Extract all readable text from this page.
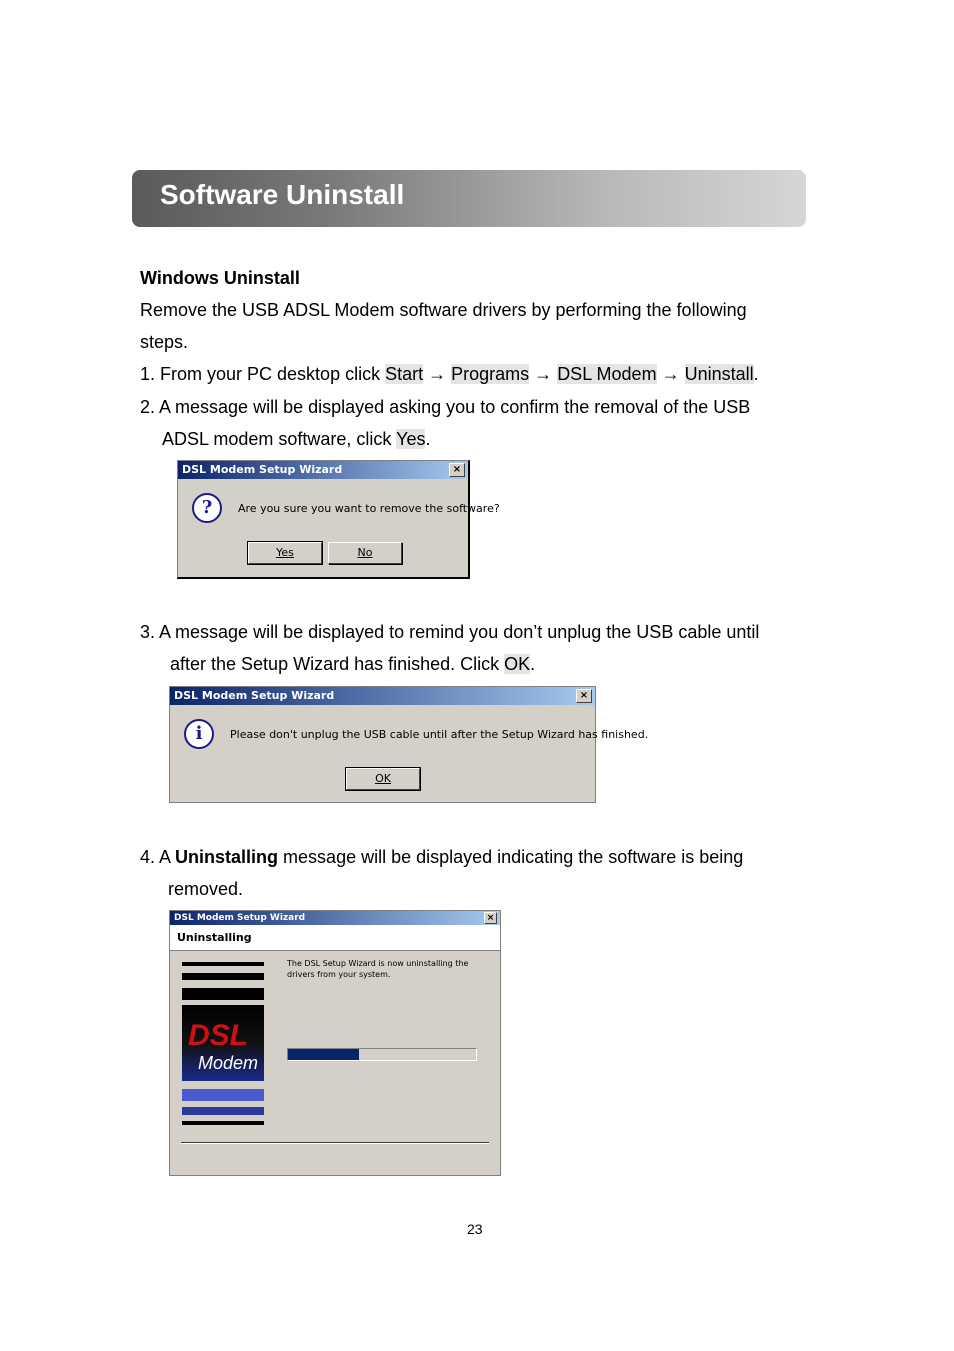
Software Uninstall
Windows Uninstall
Remove the USB ADSL Modem software drivers by performing the following
steps.
1. From your PC desktop click Start → Programs → DSL Modem → Uninstall.
2. A message will be displayed asking you to confirm the removal of the USB
ADSL modem software, click Yes.
DSL Modem Setup Wizard	×
?	Are you sure you want to remove the software?
Yes	No
3. A message will be displayed to remind you don’t unplug the USB cable until
after the Setup Wizard has finished. Click OK.
DSL Modem Setup Wizard	×
i	Please don't unplug the USB cable until after the Setup Wizard has finished.
OK
4. A Uninstalling message will be displayed indicating the software is being
removed.
DSL Modem Setup Wizard	×
Uninstalling
DSL
Modem
The DSL Setup Wizard is now uninstalling the
drivers from your system.
23
